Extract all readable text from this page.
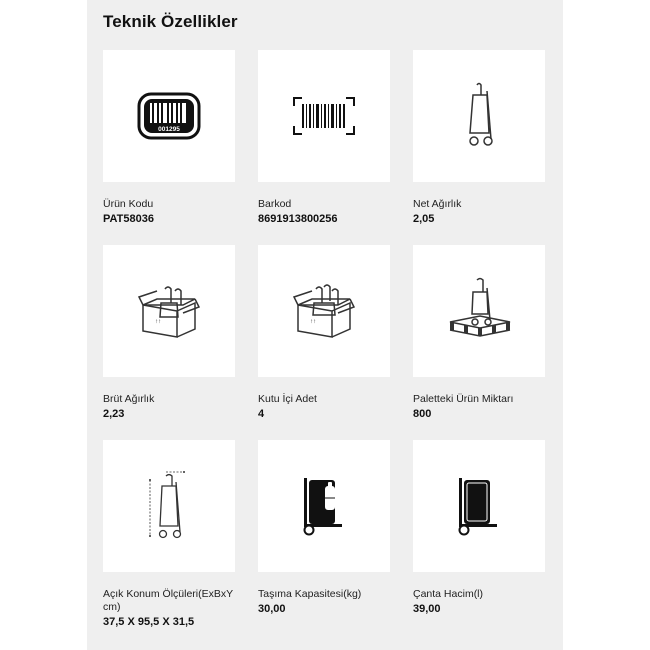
Teknik Özellikler
001295
Ürün Kodu
PAT58036
Barkod
8691913800256
Net Ağırlık
2,05
↑↑
Brüt Ağırlık
2,23
↑↑
Kutu İçi Adet
4
Paletteki Ürün Miktarı
800
Açık Konum Ölçüleri(ExBxY cm)
37,5 X 95,5 X 31,5
Taşıma Kapasitesi(kg)
30,00
Çanta Hacim(l)
39,00
